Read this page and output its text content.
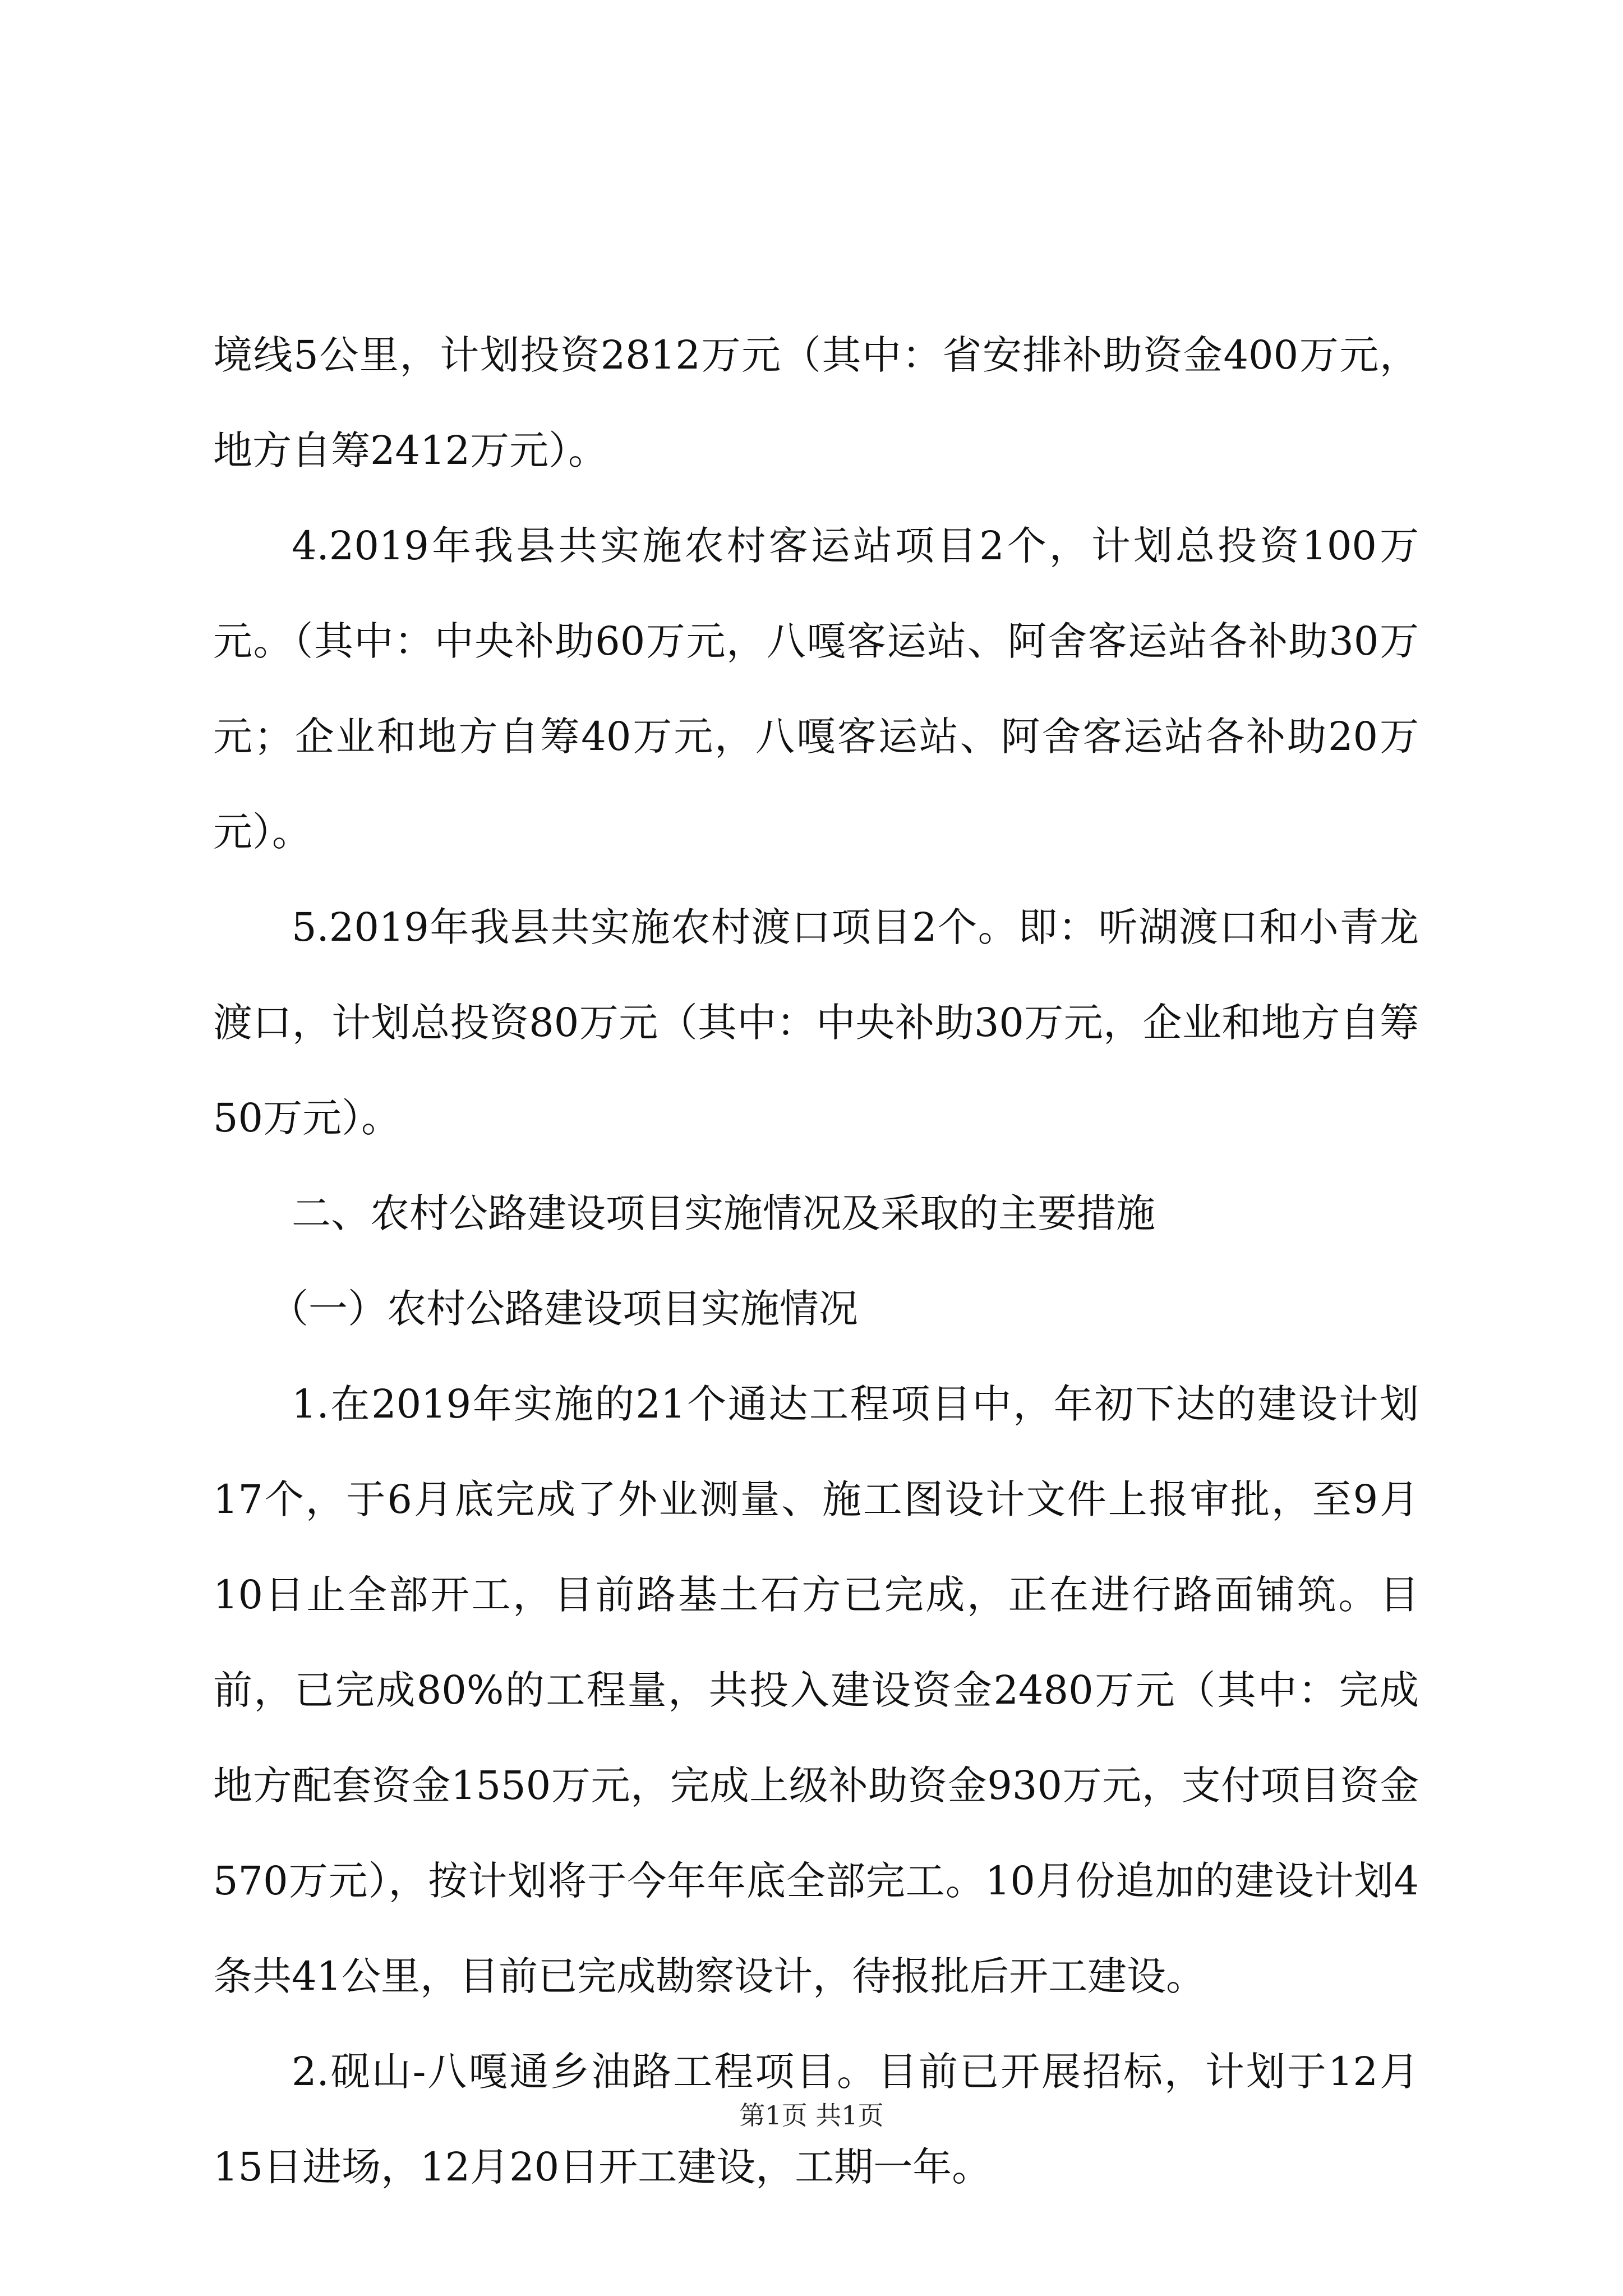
境线5公里，计划投资2812万元（其中：省安排补助资金400万元，地方自筹2412万元）。

4.2019年我县共实施农村客运站项目2个，计划总投资100万元。（其中：中央补助60万元，八嘎客运站、阿舍客运站各补助30万元；企业和地方自筹40万元，八嘎客运站、阿舍客运站各补助20万元）。

5.2019年我县共实施农村渡口项目2个。即：听湖渡口和小青龙渡口，计划总投资80万元（其中：中央补助30万元，企业和地方自筹50万元）。

二、农村公路建设项目实施情况及采取的主要措施

（一）农村公路建设项目实施情况

1.在2019年实施的21个通达工程项目中，年初下达的建设计划17个，于6月底完成了外业测量、施工图设计文件上报审批，至9月10日止全部开工，目前路基土石方已完成，正在进行路面铺筑。目前，已完成80%的工程量，共投入建设资金2480万元（其中：完成地方配套资金1550万元，完成上级补助资金930万元，支付项目资金570万元），按计划将于今年年底全部完工。10月份追加的建设计划4条共41公里，目前已完成勘察设计，待报批后开工建设。

2.砚山-八嘎通乡油路工程项目。目前已开展招标，计划于12月15日进场，12月20日开工建设，工期一年。

第1页 共1页
